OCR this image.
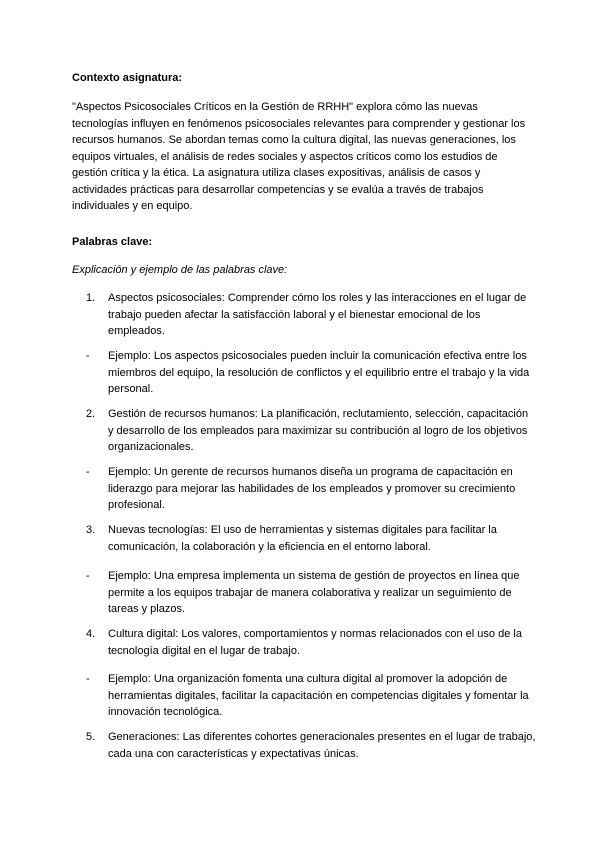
Contexto asignatura:

"Aspectos Psicosociales Críticos en la Gestión de RRHH" explora cómo las nuevas tecnologías influyen en fenómenos psicosociales relevantes para comprender y gestionar los recursos humanos. Se abordan temas como la cultura digital, las nuevas generaciones, los equipos virtuales, el análisis de redes sociales y aspectos críticos como los estudios de gestión crítica y la ética. La asignatura utiliza clases expositivas, análisis de casos y actividades prácticas para desarrollar competencias y se evalúa a través de trabajos individuales y en equipo.

Palabras clave:

Explicación y ejemplo de las palabras clave:

1.	Aspectos psicosociales: Comprender cómo los roles y las interacciones en el lugar de trabajo pueden afectar la satisfacción laboral y el bienestar emocional de los empleados.
-	Ejemplo: Los aspectos psicosociales pueden incluir la comunicación efectiva entre los miembros del equipo, la resolución de conflictos y el equilibrio entre el trabajo y la vida personal.
2.	Gestión de recursos humanos: La planificación, reclutamiento, selección, capacitación y desarrollo de los empleados para maximizar su contribución al logro de los objetivos organizacionales.
-	Ejemplo: Un gerente de recursos humanos diseña un programa de capacitación en liderazgo para mejorar las habilidades de los empleados y promover su crecimiento profesional.
3.	Nuevas tecnologías: El uso de herramientas y sistemas digitales para facilitar la comunicación, la colaboración y la eficiencia en el entorno laboral.
-	Ejemplo: Una empresa implementa un sistema de gestión de proyectos en línea que permite a los equipos trabajar de manera colaborativa y realizar un seguimiento de tareas y plazos.
4.	Cultura digital: Los valores, comportamientos y normas relacionados con el uso de la tecnología digital en el lugar de trabajo.
-	Ejemplo: Una organización fomenta una cultura digital al promover la adopción de herramientas digitales, facilitar la capacitación en competencias digitales y fomentar la innovación tecnológica.
5.	Generaciones: Las diferentes cohortes generacionales presentes en el lugar de trabajo, cada una con características y expectativas únicas.
